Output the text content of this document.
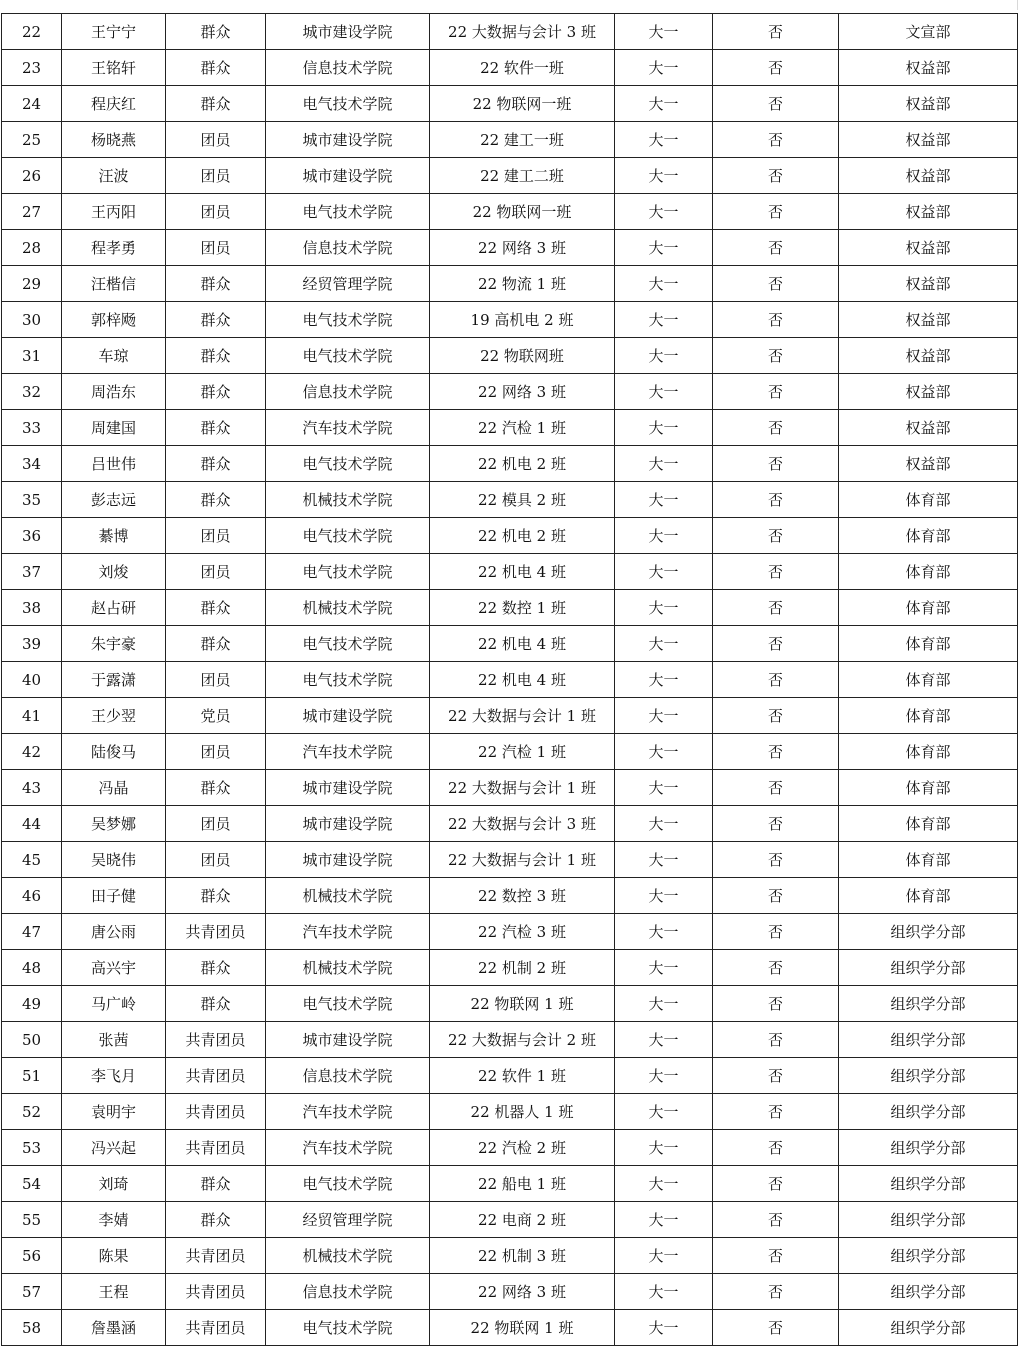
22	王宁宁	群众	城市建设学院	22 大数据与会计 3 班	大一	否	文宣部
23	王铭轩	群众	信息技术学院	22 软件一班	大一	否	权益部
24	程庆红	群众	电气技术学院	22 物联网一班	大一	否	权益部
25	杨晓燕	团员	城市建设学院	22 建工一班	大一	否	权益部
26	汪波	团员	城市建设学院	22 建工二班	大一	否	权益部
27	王丙阳	团员	电气技术学院	22 物联网一班	大一	否	权益部
28	程孝勇	团员	信息技术学院	22 网络 3 班	大一	否	权益部
29	汪楷信	群众	经贸管理学院	22 物流 1 班	大一	否	权益部
30	郭梓飏	群众	电气技术学院	19 高机电 2 班	大一	否	权益部
31	车琼	群众	电气技术学院	22 物联网班	大一	否	权益部
32	周浩东	群众	信息技术学院	22 网络 3 班	大一	否	权益部
33	周建国	群众	汽车技术学院	22 汽检 1 班	大一	否	权益部
34	吕世伟	群众	电气技术学院	22 机电 2 班	大一	否	权益部
35	彭志远	群众	机械技术学院	22 模具 2 班	大一	否	体育部
36	綦博	团员	电气技术学院	22 机电 2 班	大一	否	体育部
37	刘焌	团员	电气技术学院	22 机电 4 班	大一	否	体育部
38	赵占研	群众	机械技术学院	22 数控 1 班	大一	否	体育部
39	朱宇豪	群众	电气技术学院	22 机电 4 班	大一	否	体育部
40	于露潇	团员	电气技术学院	22 机电 4 班	大一	否	体育部
41	王少翌	党员	城市建设学院	22 大数据与会计 1 班	大一	否	体育部
42	陆俊马	团员	汽车技术学院	22 汽检 1 班	大一	否	体育部
43	冯晶	群众	城市建设学院	22 大数据与会计 1 班	大一	否	体育部
44	吴梦娜	团员	城市建设学院	22 大数据与会计 3 班	大一	否	体育部
45	吴晓伟	团员	城市建设学院	22 大数据与会计 1 班	大一	否	体育部
46	田子健	群众	机械技术学院	22 数控 3 班	大一	否	体育部
47	唐公雨	共青团员	汽车技术学院	22 汽检 3 班	大一	否	组织学分部
48	高兴宇	群众	机械技术学院	22 机制 2 班	大一	否	组织学分部
49	马广岭	群众	电气技术学院	22 物联网 1 班	大一	否	组织学分部
50	张茜	共青团员	城市建设学院	22 大数据与会计 2 班	大一	否	组织学分部
51	李飞月	共青团员	信息技术学院	22 软件 1 班	大一	否	组织学分部
52	袁明宇	共青团员	汽车技术学院	22 机器人 1 班	大一	否	组织学分部
53	冯兴起	共青团员	汽车技术学院	22 汽检 2 班	大一	否	组织学分部
54	刘琦	群众	电气技术学院	22 船电 1 班	大一	否	组织学分部
55	李婧	群众	经贸管理学院	22 电商 2 班	大一	否	组织学分部
56	陈果	共青团员	机械技术学院	22 机制 3 班	大一	否	组织学分部
57	王程	共青团员	信息技术学院	22 网络 3 班	大一	否	组织学分部
58	詹墨涵	共青团员	电气技术学院	22 物联网 1 班	大一	否	组织学分部
